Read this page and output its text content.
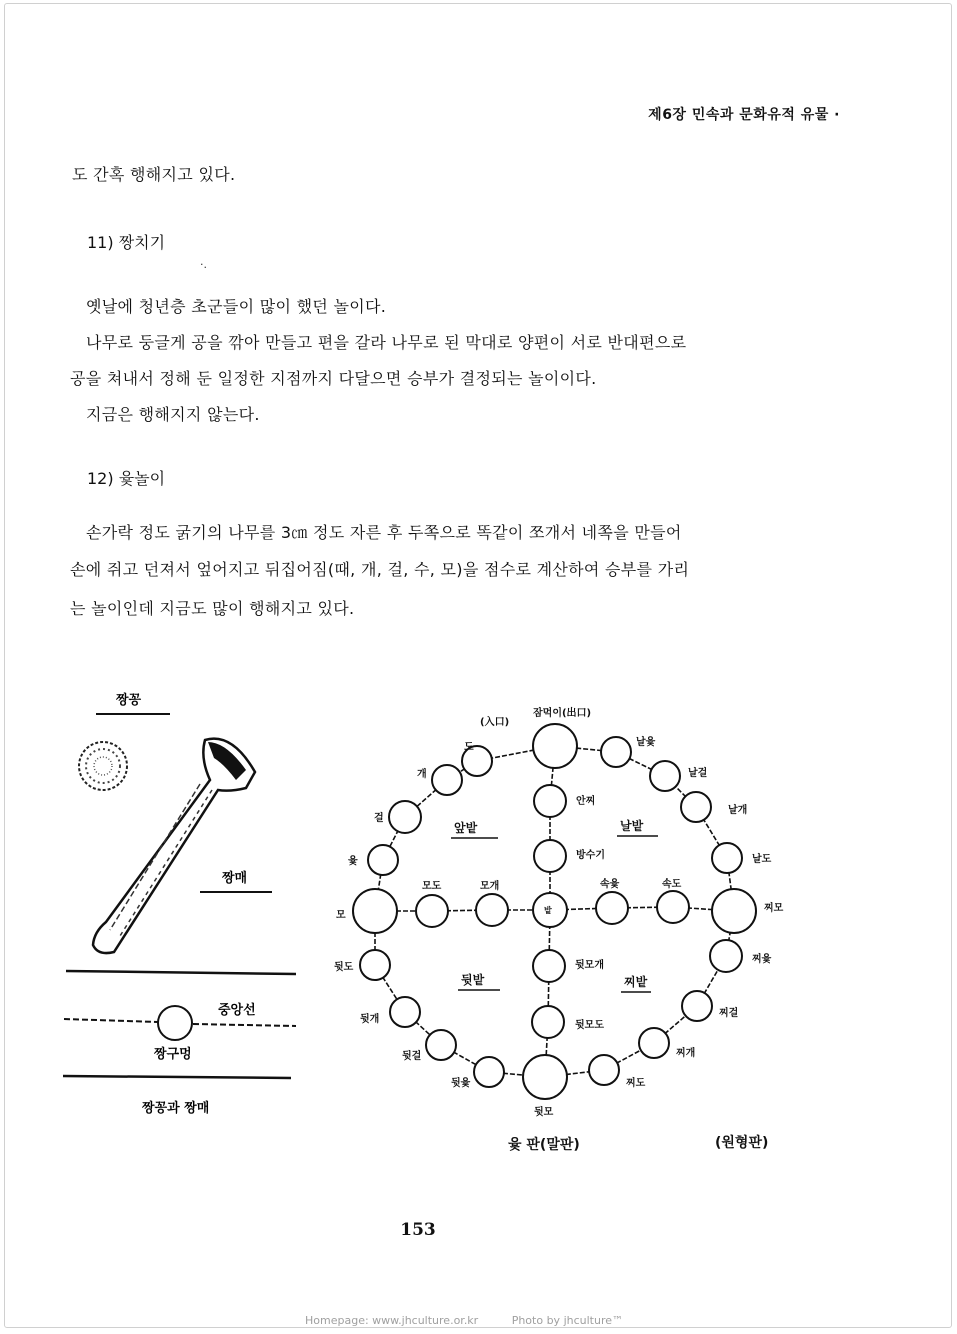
제6장 민속과 문화유적 유물 ·
도 간혹 행해지고 있다.
11) 짱치기
·.
옛날에 청년층 초군들이 많이 했던 놀이다.
나무로 둥글게 공을 깎아 만들고 편을 갈라 나무로 된 막대로 양편이 서로 반대편으로
공을 쳐내서 정해 둔 일정한 지점까지 다달으면 승부가 결정되는 놀이이다.
지금은 행해지지 않는다.
12) 윷놀이
손가락 정도 굵기의 나무를 3㎝ 정도 자른 후 두쪽으로 똑같이 쪼개서 네쪽을 만들어
손에 쥐고 던져서 엎어지고 뒤집어짐(때, 개, 걸, 수, 모)을 점수로 계산하여 승부를 가리
는 놀이인데 지금도 많이 행해지고 있다.
짱꽁
짱매
중앙선
짱구멍
짱꽁과 짱매
(入口)
잠먹이(出口)
도
개
걸
윷
모
뒷도
뒷개
뒷걸
뒷윷
뒷모
찌도
찌개
찌걸
찌윷
찌모
날도
날개
날걸
날윷
안찌
방수기
모도	모개
밭
속윷	속도
뒷모개
뒷모도
앞밭	날밭
뒷밭	찌밭
윷 판(말판)	(원형판)
153
Homepage: www.jhculture.or.kr	Photo by jhculture™
